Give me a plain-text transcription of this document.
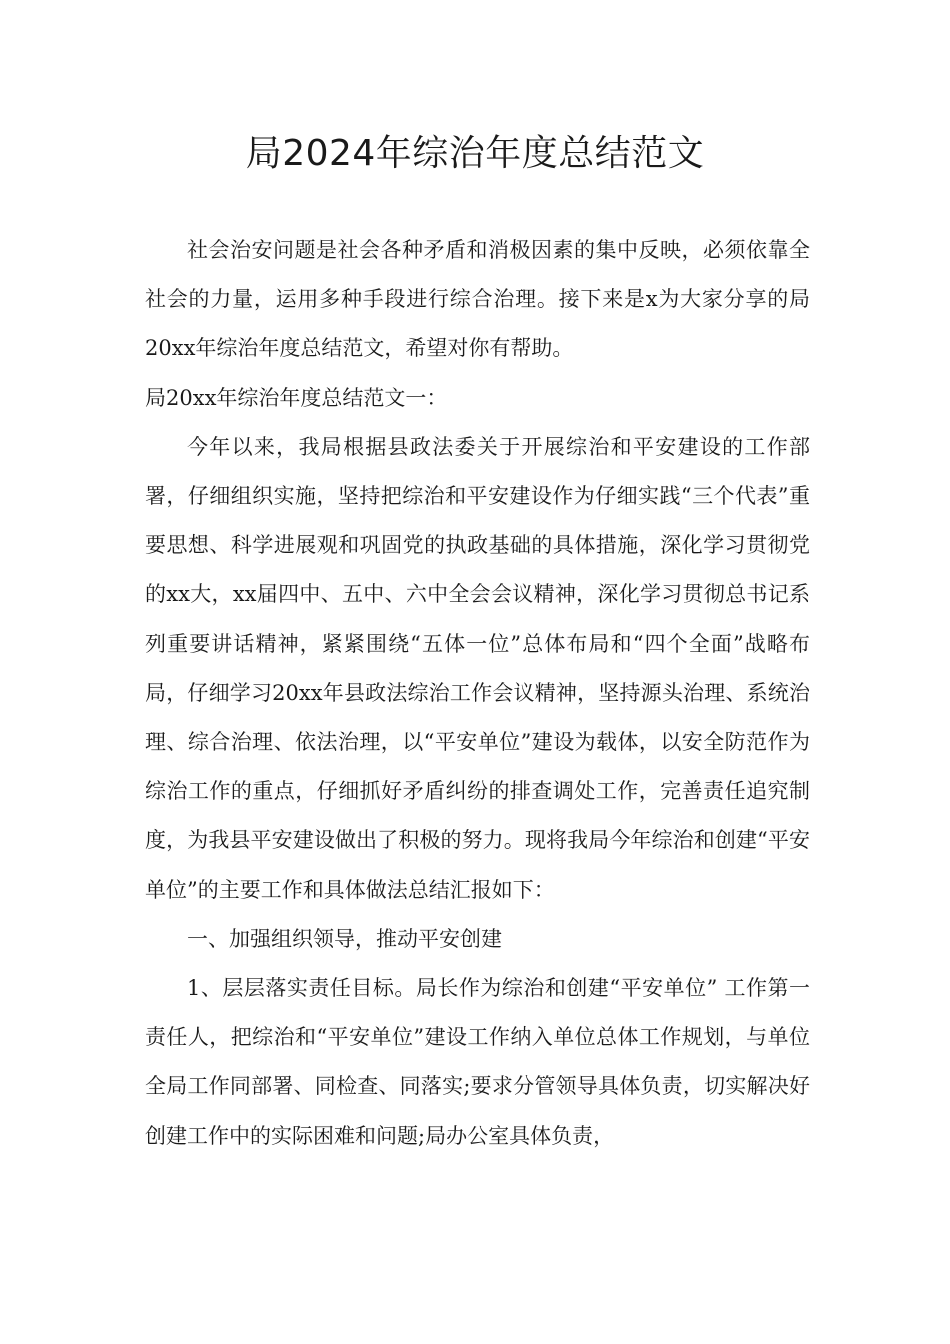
局2024年综治年度总结范文

社会治安问题是社会各种矛盾和消极因素的集中反映，必须依靠全社会的力量，运用多种手段进行综合治理。接下来是x为大家分享的局20xx年综治年度总结范文，希望对你有帮助。

局20xx年综治年度总结范文一：

今年以来，我局根据县政法委关于开展综治和平安建设的工作部署，仔细组织实施，坚持把综治和平安建设作为仔细实践“三个代表”重要思想、科学进展观和巩固党的执政基础的具体措施，深化学习贯彻党的xx大，xx届四中、五中、六中全会会议精神，深化学习贯彻总书记系列重要讲话精神，紧紧围绕“五体一位”总体布局和“四个全面”战略布局，仔细学习20xx年县政法综治工作会议精神，坚持源头治理、系统治理、综合治理、依法治理，以“平安单位”建设为载体，以安全防范作为综治工作的重点，仔细抓好矛盾纠纷的排查调处工作，完善责任追究制度，为我县平安建设做出了积极的努力。现将我局今年综治和创建“平安单位”的主要工作和具体做法总结汇报如下：

一、加强组织领导，推动平安创建

1、层层落实责任目标。局长作为综治和创建“平安单位” 工作第一责任人，把综治和“平安单位”建设工作纳入单位总体工作规划，与单位全局工作同部署、同检查、同落实;要求分管领导具体负责，切实解决好创建工作中的实际困难和问题;局办公室具体负责，
